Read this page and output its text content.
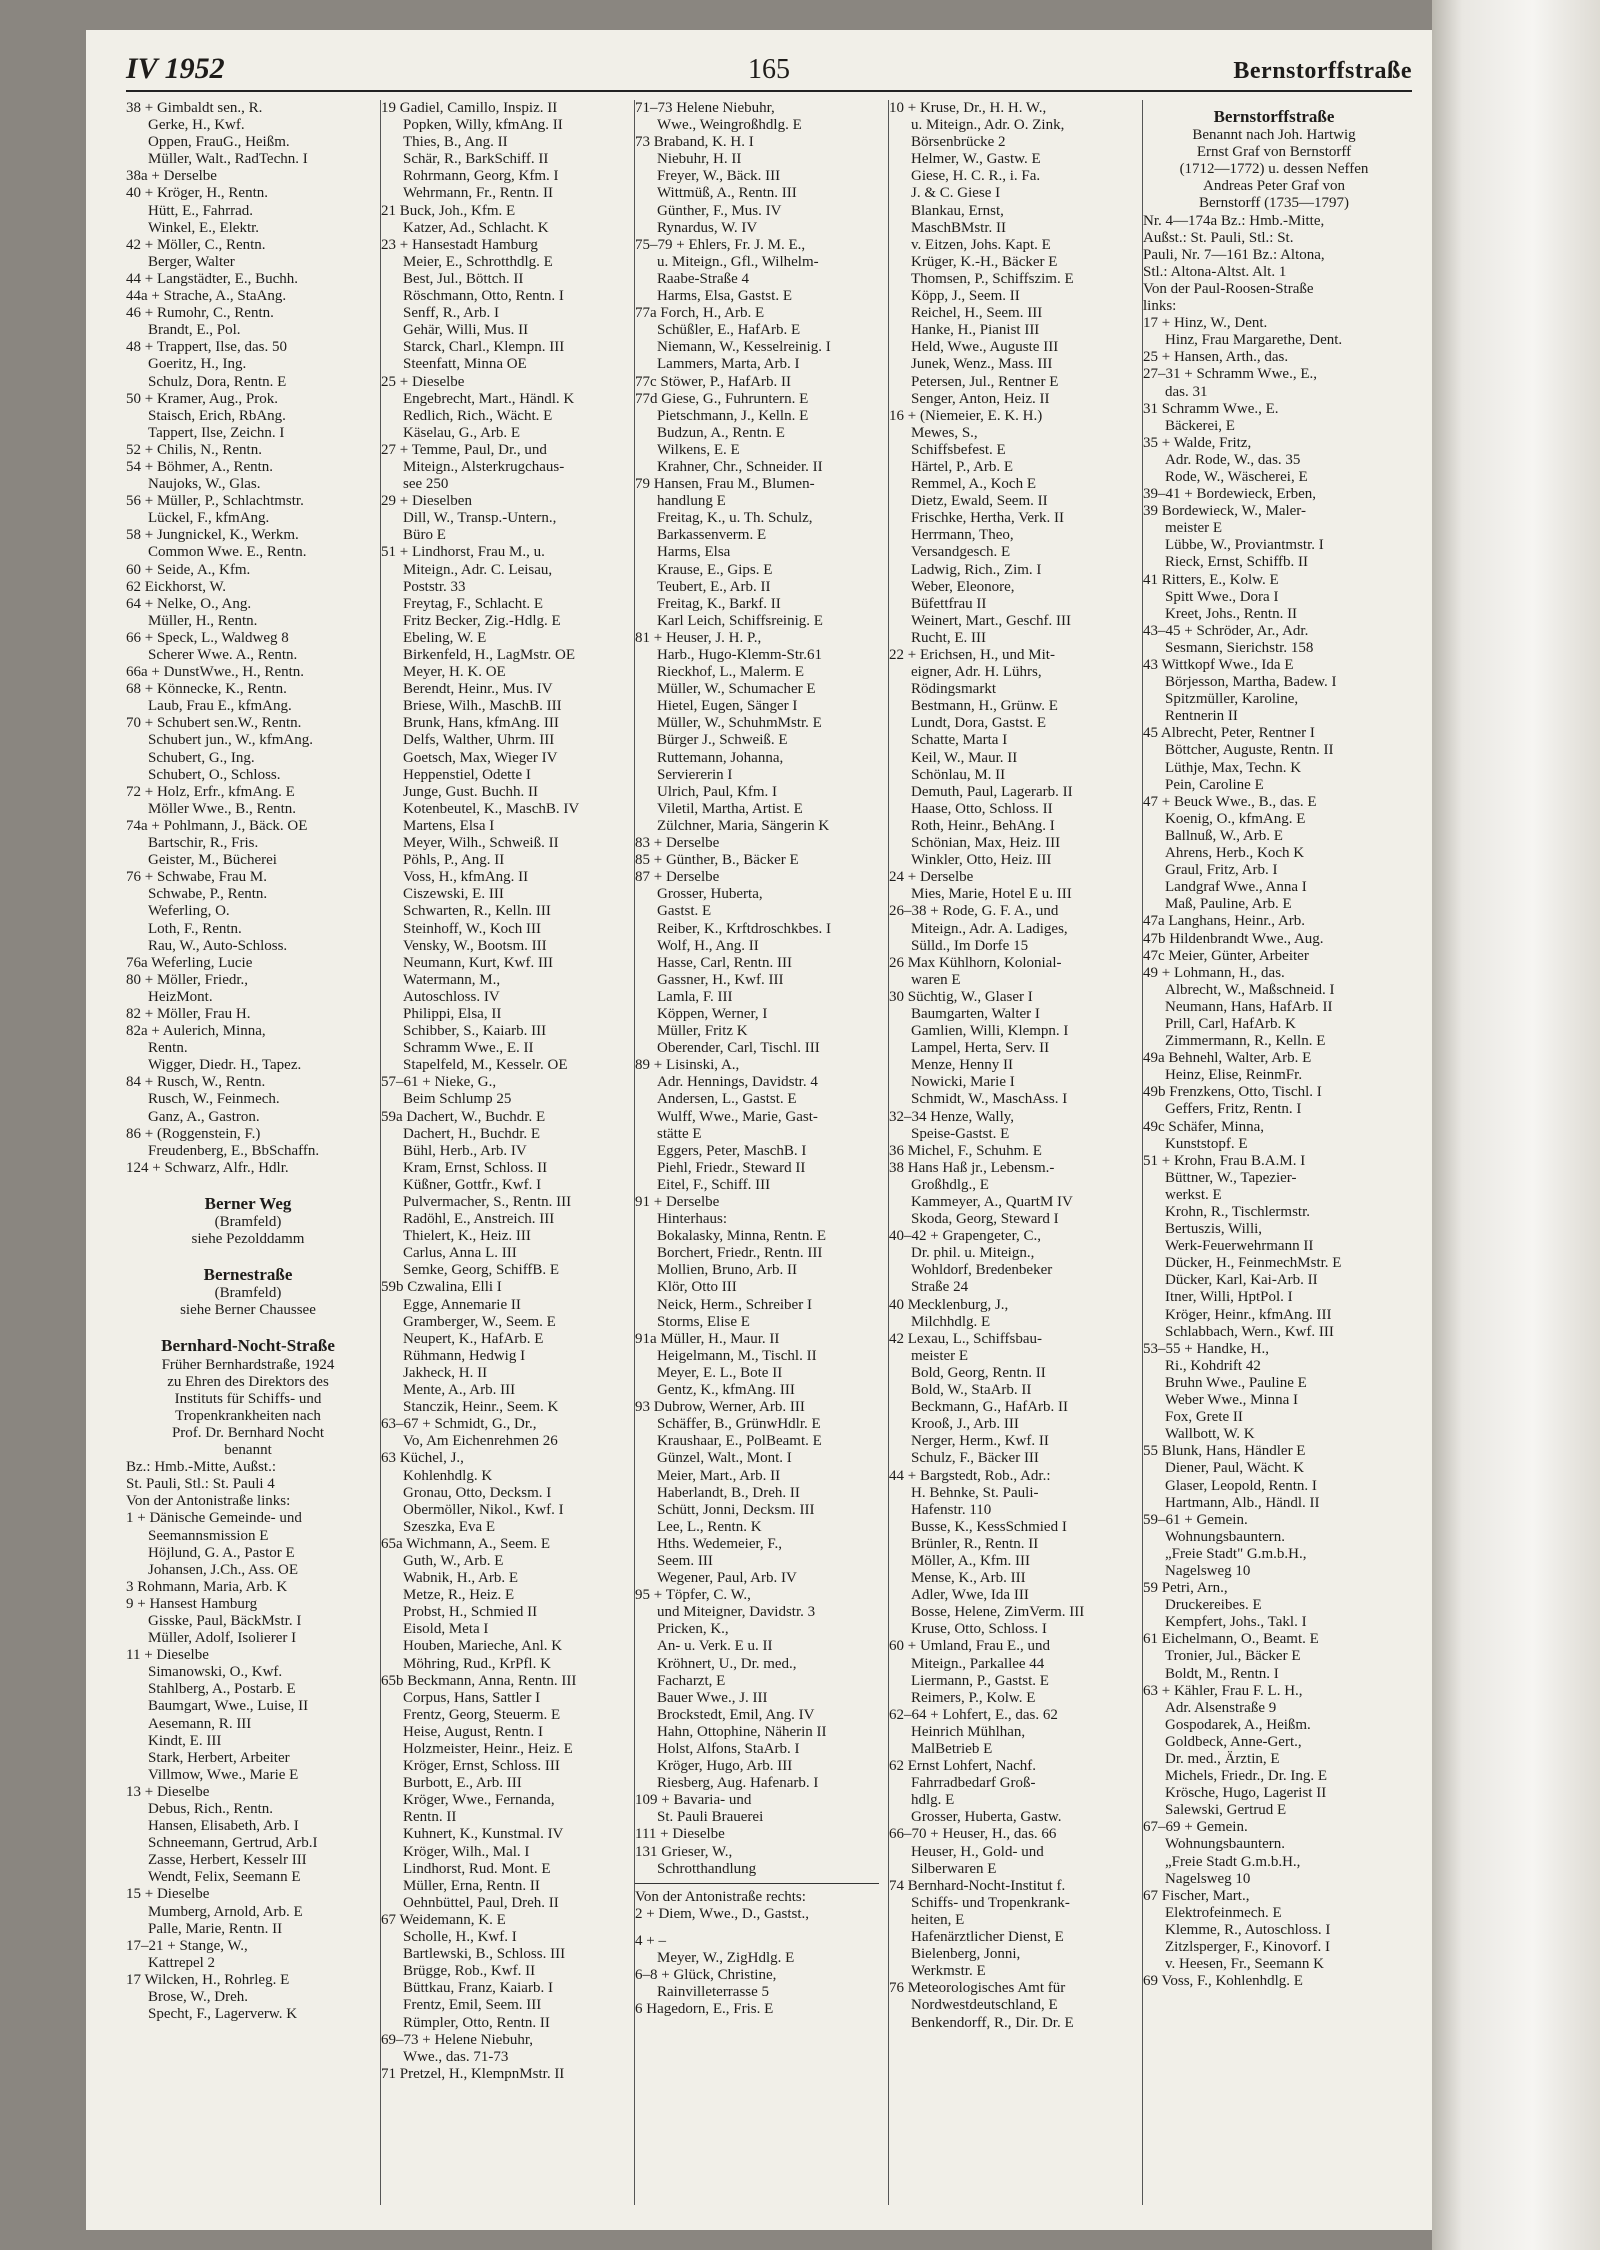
IV 1952	165	Bernstorffstraße
38 + Gimbaldt sen., R.
Gerke, H., Kwf.
Oppen, FrauG., Heißm.
Müller, Walt., RadTechn. I
38a + Derselbe
40 + Kröger, H., Rentn.
Hütt, E., Fahrrad.
Winkel, E., Elektr.
42 + Möller, C., Rentn.
Berger, Walter
44 + Langstädter, E., Buchh.
44a + Strache, A., StaAng.
46 + Rumohr, C., Rentn.
Brandt, E., Pol.
48 + Trappert, Ilse, das. 50
Goeritz, H., Ing.
Schulz, Dora, Rentn. E
50 + Kramer, Aug., Prok.
Staisch, Erich, RbAng.
Tappert, Ilse, Zeichn. I
52 + Chilis, N., Rentn.
54 + Böhmer, A., Rentn.
Naujoks, W., Glas.
56 + Müller, P., Schlachtmstr.
Lückel, F., kfmAng.
58 + Jungnickel, K., Werkm.
Common Wwe. E., Rentn.
60 + Seide, A., Kfm.
62 Eickhorst, W.
64 + Nelke, O., Ang.
Müller, H., Rentn.
66 + Speck, L., Waldweg 8
Scherer Wwe. A., Rentn.
66a + DunstWwe., H., Rentn.
68 + Könnecke, K., Rentn.
Laub, Frau E., kfmAng.
70 + Schubert sen.W., Rentn.
Schubert jun., W., kfmAng.
Schubert, G., Ing.
Schubert, O., Schloss.
72 + Holz, Erfr., kfmAng. E
Möller Wwe., B., Rentn.
74a + Pohlmann, J., Bäck. OE
Bartschir, R., Fris.
Geister, M., Bücherei
76 + Schwabe, Frau M.
Schwabe, P., Rentn.
Weferling, O.
Loth, F., Rentn.
Rau, W., Auto-Schloss.
76a Weferling, Lucie
80 + Möller, Friedr.,
HeizMont.
82 + Möller, Frau H.
82a + Aulerich, Minna,
Rentn.
Wigger, Diedr. H., Tapez.
84 + Rusch, W., Rentn.
Rusch, W., Feinmech.
Ganz, A., Gastron.
86 + (Roggenstein, F.)
Freudenberg, E., BbSchaffn.
124 + Schwarz, Alfr., Hdlr.
Berner Weg
(Bramfeld)
siehe Pezolddamm
Bernestraße
(Bramfeld)
siehe Berner Chaussee
Bernhard-Nocht-Straße
Früher Bernhardstraße, 1924
zu Ehren des Direktors des
Instituts für Schiffs- und
Tropenkrankheiten nach
Prof. Dr. Bernhard Nocht
benannt
Bz.: Hmb.-Mitte, Außst.:
St. Pauli, Stl.: St. Pauli 4
Von der Antonistraße links:
1 + Dänische Gemeinde- und
Seemannsmission E
Höjlund, G. A., Pastor E
Johansen, J.Ch., Ass. OE
3 Rohmann, Maria, Arb. K
9 + Hansest Hamburg
Gisske, Paul, BäckMstr. I
Müller, Adolf, Isolierer I
11 + Dieselbe
Simanowski, O., Kwf.
Stahlberg, A., Postarb. E
Baumgart, Wwe., Luise, II
Aesemann, R. III
Kindt, E. III
Stark, Herbert, Arbeiter
Villmow, Wwe., Marie E
13 + Dieselbe
Debus, Rich., Rentn.
Hansen, Elisabeth, Arb. I
Schneemann, Gertrud, Arb.I
Zasse, Herbert, Kesselr III
Wendt, Felix, Seemann E
15 + Dieselbe
Mumberg, Arnold, Arb. E
Palle, Marie, Rentn. II
17–21 + Stange, W.,
Kattrepel 2
17 Wilcken, H., Rohrleg. E
Brose, W., Dreh.
Specht, F., Lagerverw. K
19 Gadiel, Camillo, Inspiz. II
Popken, Willy, kfmAng. II
Thies, B., Ang. II
Schär, R., BarkSchiff. II
Rohrmann, Georg, Kfm. I
Wehrmann, Fr., Rentn. II
21 Buck, Joh., Kfm. E
Katzer, Ad., Schlacht. K
23 + Hansestadt Hamburg
Meier, E., Schrotthdlg. E
Best, Jul., Böttch. II
Röschmann, Otto, Rentn. I
Senff, R., Arb. I
Gehär, Willi, Mus. II
Starck, Charl., Klempn. III
Steenfatt, Minna OE
25 + Dieselbe
Engebrecht, Mart., Händl. K
Redlich, Rich., Wächt. E
Käselau, G., Arb. E
27 + Temme, Paul, Dr., und
Miteign., Alsterkrugchaus-
see 250
29 + Dieselben
Dill, W., Transp.-Untern.,
Büro E
51 + Lindhorst, Frau M., u.
Miteign., Adr. C. Leisau,
Poststr. 33
Freytag, F., Schlacht. E
Fritz Becker, Zig.-Hdlg. E
Ebeling, W. E
Birkenfeld, H., LagMstr. OE
Meyer, H. K. OE
Berendt, Heinr., Mus. IV
Briese, Wilh., MaschB. III
Brunk, Hans, kfmAng. III
Delfs, Walther, Uhrm. III
Goetsch, Max, Wieger IV
Heppenstiel, Odette I
Junge, Gust. Buchh. II
Kotenbeutel, K., MaschB. IV
Martens, Elsa I
Meyer, Wilh., Schweiß. II
Pöhls, P., Ang. II
Voss, H., kfmAng. II
Ciszewski, E. III
Schwarten, R., Kelln. III
Steinhoff, W., Koch III
Vensky, W., Bootsm. III
Neumann, Kurt, Kwf. III
Watermann, M.,
Autoschloss. IV
Philippi, Elsa, II
Schibber, S., Kaiarb. III
Schramm Wwe., E. II
Stapelfeld, M., Kesselr. OE
57–61 + Nieke, G.,
Beim Schlump 25
59a Dachert, W., Buchdr. E
Dachert, H., Buchdr. E
Bühl, Herb., Arb. IV
Kram, Ernst, Schloss. II
Küßner, Gottfr., Kwf. I
Pulvermacher, S., Rentn. III
Radöhl, E., Anstreich. III
Thielert, K., Heiz. III
Carlus, Anna L. III
Semke, Georg, SchiffB. E
59b Czwalina, Elli I
Egge, Annemarie II
Gramberger, W., Seem. E
Neupert, K., HafArb. E
Rühmann, Hedwig I
Jakheck, H. II
Mente, A., Arb. III
Stanczik, Heinr., Seem. K
63–67 + Schmidt, G., Dr.,
Vo, Am Eichenrehmen 26
63 Küchel, J.,
Kohlenhdlg. K
Gronau, Otto, Decksm. I
Obermöller, Nikol., Kwf. I
Szeszka, Eva E
65a Wichmann, A., Seem. E
Guth, W., Arb. E
Wabnik, H., Arb. E
Metze, R., Heiz. E
Probst, H., Schmied II
Eisold, Meta I
Houben, Marieche, Anl. K
Möhring, Rud., KrPfl. K
65b Beckmann, Anna, Rentn. III
Corpus, Hans, Sattler I
Frentz, Georg, Steuerm. E
Heise, August, Rentn. I
Holzmeister, Heinr., Heiz. E
Kröger, Ernst, Schloss. III
Burbott, E., Arb. III
Kröger, Wwe., Fernanda,
Rentn. II
Kuhnert, K., Kunstmal. IV
Kröger, Wilh., Mal. I
Lindhorst, Rud. Mont. E
Müller, Erna, Rentn. II
Oehnbüttel, Paul, Dreh. II
67 Weidemann, K. E
Scholle, H., Kwf. I
Bartlewski, B., Schloss. III
Brügge, Rob., Kwf. II
Büttkau, Franz, Kaiarb. I
Frentz, Emil, Seem. III
Rümpler, Otto, Rentn. II
69–73 + Helene Niebuhr,
Wwe., das. 71-73
71 Pretzel, H., KlempnMstr. II
71–73 Helene Niebuhr,
Wwe., Weingroßhdlg. E
73 Braband, K. H. I
Niebuhr, H. II
Freyer, W., Bäck. III
Wittmüß, A., Rentn. III
Günther, F., Mus. IV
Rynardus, W. IV
75–79 + Ehlers, Fr. J. M. E.,
u. Miteign., Gfl., Wilhelm-
Raabe-Straße 4
Harms, Elsa, Gastst. E
77a Forch, H., Arb. E
Schüßler, E., HafArb. E
Niemann, W., Kesselreinig. I
Lammers, Marta, Arb. I
77c Stöwer, P., HafArb. II
77d Giese, G., Fuhruntern. E
Pietschmann, J., Kelln. E
Budzun, A., Rentn. E
Wilkens, E. E
Krahner, Chr., Schneider. II
79 Hansen, Frau M., Blumen-
handlung E
Freitag, K., u. Th. Schulz,
Barkassenverm. E
Harms, Elsa
Krause, E., Gips. E
Teubert, E., Arb. II
Freitag, K., Barkf. II
Karl Leich, Schiffsreinig. E
81 + Heuser, J. H. P.,
Harb., Hugo-Klemm-Str.61
Rieckhof, L., Malerm. E
Müller, W., Schumacher E
Hietel, Eugen, Sänger I
Müller, W., SchuhmMstr. E
Bürger J., Schweiß. E
Ruttemann, Johanna,
Serviererin I
Ulrich, Paul, Kfm. I
Viletil, Martha, Artist. E
Zülchner, Maria, Sängerin K
83 + Derselbe
85 + Günther, B., Bäcker E
87 + Derselbe
Grosser, Huberta,
Gastst. E
Reiber, K., Krftdroschkbes. I
Wolf, H., Ang. II
Hasse, Carl, Rentn. III
Gassner, H., Kwf. III
Lamla, F. III
Köppen, Werner, I
Müller, Fritz K
Oberender, Carl, Tischl. III
89 + Lisinski, A.,
Adr. Hennings, Davidstr. 4
Andersen, L., Gastst. E
Wulff, Wwe., Marie, Gast-
stätte E
Eggers, Peter, MaschB. I
Piehl, Friedr., Steward II
Eitel, F., Schiff. III
91 + Derselbe
Hinterhaus:
Bokalasky, Minna, Rentn. E
Borchert, Friedr., Rentn. III
Mollien, Bruno, Arb. II
Klör, Otto III
Neick, Herm., Schreiber I
Storms, Elise E
91a Müller, H., Maur. II
Heigelmann, M., Tischl. II
Meyer, E. L., Bote II
Gentz, K., kfmAng. III
93 Dubrow, Werner, Arb. III
Schäffer, B., GrünwHdlr. E
Kraushaar, E., PolBeamt. E
Günzel, Walt., Mont. I
Meier, Mart., Arb. II
Haberlandt, B., Dreh. II
Schütt, Jonni, Decksm. III
Lee, L., Rentn. K
Hths. Wedemeier, F.,
Seem. III
Wegener, Paul, Arb. IV
95 + Töpfer, C. W.,
und Miteigner, Davidstr. 3
Pricken, K.,
An- u. Verk. E u. II
Kröhnert, U., Dr. med.,
Facharzt, E
Bauer Wwe., J. III
Brockstedt, Emil, Ang. IV
Hahn, Ottophine, Näherin II
Holst, Alfons, StaArb. I
Kröger, Hugo, Arb. III
Riesberg, Aug. Hafenarb. I
109 + Bavaria- und
St. Pauli Brauerei
111 + Dieselbe
131 Grieser, W.,
Schrotthandlung
Von der Antonistraße rechts:
2 + Diem, Wwe., D., Gastst.,
4 + –
Meyer, W., ZigHdlg. E
6–8 + Glück, Christine,
Rainvilleterrasse 5
6 Hagedorn, E., Fris. E
10 + Kruse, Dr., H. H. W.,
u. Miteign., Adr. O. Zink,
Börsenbrücke 2
Helmer, W., Gastw. E
Giese, H. C. R., i. Fa.
J. & C. Giese I
Blankau, Ernst,
MaschBMstr. II
v. Eitzen, Johs. Kapt. E
Krüger, K.-H., Bäcker E
Thomsen, P., Schiffszim. E
Köpp, J., Seem. II
Reichel, H., Seem. III
Hanke, H., Pianist III
Held, Wwe., Auguste III
Junek, Wenz., Mass. III
Petersen, Jul., Rentner E
Senger, Anton, Heiz. II
16 + (Niemeier, E. K. H.)
Mewes, S.,
Schiffsbefest. E
Härtel, P., Arb. E
Remmel, A., Koch E
Dietz, Ewald, Seem. II
Frischke, Hertha, Verk. II
Herrmann, Theo,
Versandgesch. E
Ladwig, Rich., Zim. I
Weber, Eleonore,
Büfettfrau II
Weinert, Mart., Geschf. III
Rucht, E. III
22 + Erichsen, H., und Mit-
eigner, Adr. H. Lührs,
Rödingsmarkt
Bestmann, H., Grünw. E
Lundt, Dora, Gastst. E
Schatte, Marta I
Keil, W., Maur. II
Schönlau, M. II
Demuth, Paul, Lagerarb. II
Haase, Otto, Schloss. II
Roth, Heinr., BehAng. I
Schönian, Max, Heiz. III
Winkler, Otto, Heiz. III
24 + Derselbe
Mies, Marie, Hotel E u. III
26–38 + Rode, G. F. A., und
Miteign., Adr. A. Ladiges,
Sülld., Im Dorfe 15
26 Max Kühlhorn, Kolonial-
waren E
30 Süchtig, W., Glaser I
Baumgarten, Walter I
Gamlien, Willi, Klempn. I
Lampel, Herta, Serv. II
Menze, Henny II
Nowicki, Marie I
Schmidt, W., MaschAss. I
32–34 Henze, Wally,
Speise-Gastst. E
36 Michel, F., Schuhm. E
38 Hans Haß jr., Lebensm.-
Großhdlg., E
Kammeyer, A., QuartM IV
Skoda, Georg, Steward I
40–42 + Grapengeter, C.,
Dr. phil. u. Miteign.,
Wohldorf, Bredenbeker
Straße 24
40 Mecklenburg, J.,
Milchhdlg. E
42 Lexau, L., Schiffsbau-
meister E
Bold, Georg, Rentn. II
Bold, W., StaArb. II
Beckmann, G., HafArb. II
Krooß, J., Arb. III
Nerger, Herm., Kwf. II
Schulz, F., Bäcker III
44 + Bargstedt, Rob., Adr.:
H. Behnke, St. Pauli-
Hafenstr. 110
Busse, K., KessSchmied I
Brünler, R., Rentn. II
Möller, A., Kfm. III
Mense, K., Arb. III
Adler, Wwe, Ida III
Bosse, Helene, ZimVerm. III
Kruse, Otto, Schloss. I
60 + Umland, Frau E., und
Miteign., Parkallee 44
Liermann, P., Gastst. E
Reimers, P., Kolw. E
62–64 + Lohfert, E., das. 62
Heinrich Mühlhan,
MalBetrieb E
62 Ernst Lohfert, Nachf.
Fahrradbedarf Groß-
hdlg. E
Grosser, Huberta, Gastw.
66–70 + Heuser, H., das. 66
Heuser, H., Gold- und
Silberwaren E
74 Bernhard-Nocht-Institut f.
Schiffs- und Tropenkrank-
heiten, E
Hafenärztlicher Dienst, E
Bielenberg, Jonni,
Werkmstr. E
76 Meteorologisches Amt für
Nordwestdeutschland, E
Benkendorff, R., Dir. Dr. E
Bernstorffstraße
Benannt nach Joh. Hartwig
Ernst Graf von Bernstorff
(1712—1772) u. dessen Neffen
Andreas Peter Graf von
Bernstorff (1735—1797)
Nr. 4—174a Bz.: Hmb.-Mitte,
Außst.: St. Pauli, Stl.: St.
Pauli, Nr. 7—161 Bz.: Altona,
Stl.: Altona-Altst. Alt. 1
Von der Paul-Roosen-Straße
links:
17 + Hinz, W., Dent.
Hinz, Frau Margarethe, Dent.
25 + Hansen, Arth., das.
27–31 + Schramm Wwe., E.,
das. 31
31 Schramm Wwe., E.
Bäckerei, E
35 + Walde, Fritz,
Adr. Rode, W., das. 35
Rode, W., Wäscherei, E
39–41 + Bordewieck, Erben,
39 Bordewieck, W., Maler-
meister E
Lübbe, W., Proviantmstr. I
Rieck, Ernst, Schiffb. II
41 Ritters, E., Kolw. E
Spitt Wwe., Dora I
Kreet, Johs., Rentn. II
43–45 + Schröder, Ar., Adr.
Sesmann, Sierichstr. 158
43 Wittkopf Wwe., Ida E
Börjesson, Martha, Badew. I
Spitzmüller, Karoline,
Rentnerin II
45 Albrecht, Peter, Rentner I
Böttcher, Auguste, Rentn. II
Lüthje, Max, Techn. K
Pein, Caroline E
47 + Beuck Wwe., B., das. E
Koenig, O., kfmAng. E
Ballnuß, W., Arb. E
Ahrens, Herb., Koch K
Graul, Fritz, Arb. I
Landgraf Wwe., Anna I
Maß, Pauline, Arb. E
47a Langhans, Heinr., Arb.
47b Hildenbrandt Wwe., Aug.
47c Meier, Günter, Arbeiter
49 + Lohmann, H., das.
Albrecht, W., Maßschneid. I
Neumann, Hans, HafArb. II
Prill, Carl, HafArb. K
Zimmermann, R., Kelln. E
49a Behnehl, Walter, Arb. E
Heinz, Elise, ReinmFr.
49b Frenzkens, Otto, Tischl. I
Geffers, Fritz, Rentn. I
49c Schäfer, Minna,
Kunststopf. E
51 + Krohn, Frau B.A.M. I
Büttner, W., Tapezier-
werkst. E
Krohn, R., Tischlermstr.
Bertuszis, Willi,
Werk-Feuerwehrmann II
Dücker, H., FeinmechMstr. E
Dücker, Karl, Kai-Arb. II
Itner, Willi, HptPol. I
Kröger, Heinr., kfmAng. III
Schlabbach, Wern., Kwf. III
53–55 + Handke, H.,
Ri., Kohdrift 42
Bruhn Wwe., Pauline E
Weber Wwe., Minna I
Fox, Grete II
Wallbott, W. K
55 Blunk, Hans, Händler E
Diener, Paul, Wächt. K
Glaser, Leopold, Rentn. I
Hartmann, Alb., Händl. II
59–61 + Gemein.
Wohnungsbauntern.
„Freie Stadt" G.m.b.H.,
Nagelsweg 10
59 Petri, Arn.,
Druckereibes. E
Kempfert, Johs., Takl. I
61 Eichelmann, O., Beamt. E
Tronier, Jul., Bäcker E
Boldt, M., Rentn. I
63 + Kähler, Frau F. L. H.,
Adr. Alsenstraße 9
Gospodarek, A., Heißm.
Goldbeck, Anne-Gert.,
Dr. med., Ärztin, E
Michels, Friedr., Dr. Ing. E
Krösche, Hugo, Lagerist II
Salewski, Gertrud E
67–69 + Gemein.
Wohnungsbauntern.
„Freie Stadt G.m.b.H.,
Nagelsweg 10
67 Fischer, Mart.,
Elektrofeinmech. E
Klemme, R., Autoschloss. I
Zitzlsperger, F., Kinovorf. I
v. Heesen, Fr., Seemann K
69 Voss, F., Kohlenhdlg. E
